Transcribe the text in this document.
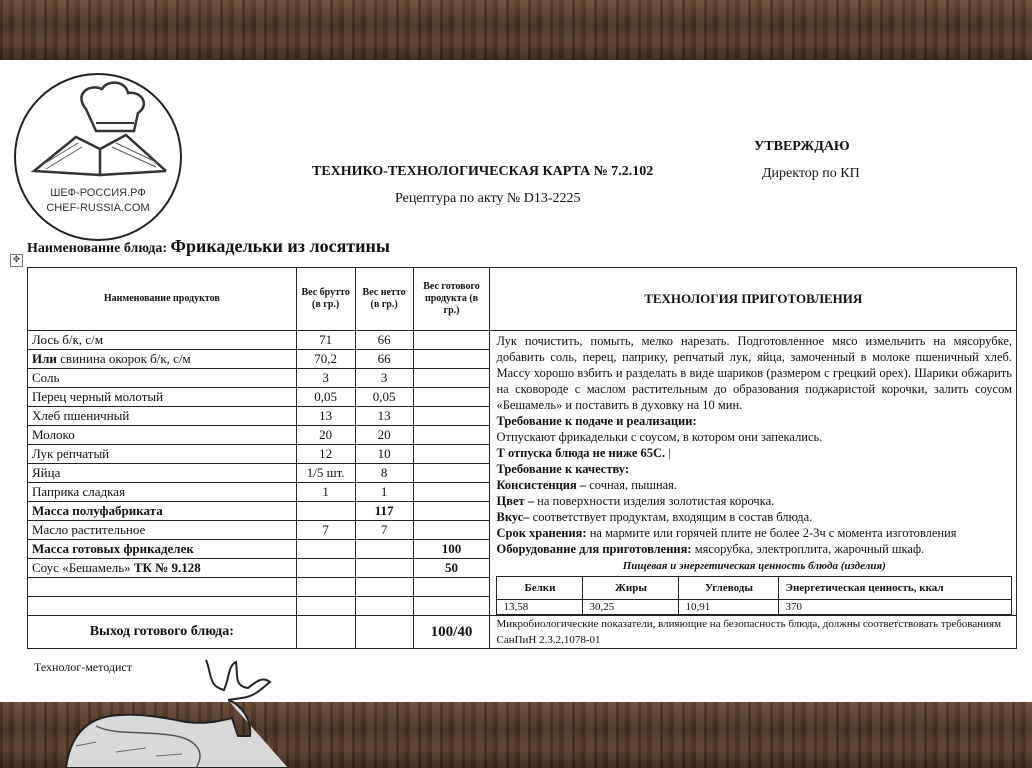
ШЕФ-РОССИЯ.РФ
CHEF-RUSSIA.COM
ТЕХНИКО-ТЕХНОЛОГИЧЕСКАЯ КАРТА № 7.2.102
Рецептура по акту № D13-2225
УТВЕРЖДАЮ
Директор по КП
Наименование блюда: Фрикадельки из лосятины
✥
Наименование продуктов	Вес брутто (в гр.)	Вес нетто (в гр.)	Вес готового продукта (в гр.)	ТЕХНОЛОГИЯ ПРИГОТОВЛЕНИЯ
Лось б/к, с/м	71	66		Лук почистить, помыть, мелко нарезать. Подготовленное мясо измельчить на мясорубке, добавить соль, перец, паприку, репчатый лук, яйца, замоченный в молоке пшеничный хлеб. Массу хорошо взбить и разделать в виде шариков (размером с грецкий орех). Шарики обжарить на сковороде с маслом растительным до образования поджаристой корочки, залить соусом «Бешамель» и поставить в духовку на 10 мин.

Требование к подаче и реализации:

Отпускают фрикадельки с соусом, в котором они запекались.

Т отпуска блюда не ниже 65С. |

Требование к качеству:

Консистенция – сочная, пышная.

Цвет – на поверхности изделия золотистая корочка.

Вкус– соответствует продуктам, входящим в состав блюда.

Срок хранения: на мармите или горячей плите не более 2-3ч с момента изготовления

Оборудование для приготовления: мясорубка, электроплита, жарочный шкаф.

Пищевая и энергетическая ценность блюда (изделия)

Белки	Жиры	Углеводы	Энергетическая ценность, ккал
13,58	30,25	10,91	370

Или свинина окорок б/к, с/м	70,2	66	
Соль	3	3	
Перец черный молотый	0,05	0,05	
Хлеб пшеничный	13	13	
Молоко	20	20	
Лук репчатый	12	10	
Яйца	1/5 шт.	8	
Паприка сладкая	1	1	
Масса полуфабриката		117	
Масло растительное	7	7	
Масса готовых фрикаделек			100
Соус «Бешамель» ТК № 9.128			50

Выход готового блюда:			100/40	Микробиологические показатели, влияющие на безопасность блюда, должны соответствовать требованиям СанПиН 2.3.2.1078-01
Технолог-методист
